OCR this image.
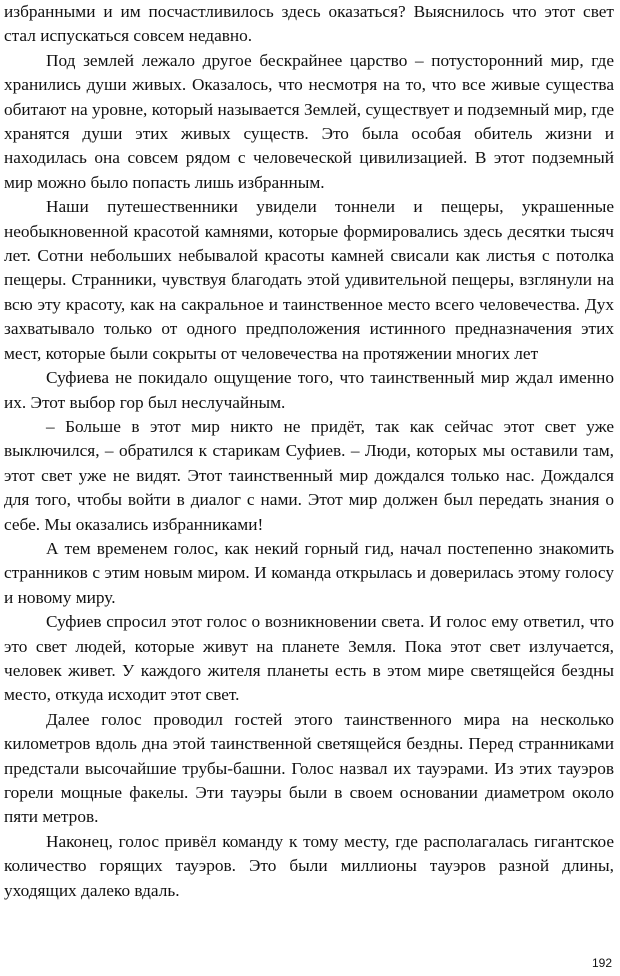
избранными и им посчастливилось здесь оказаться? Выяснилось что этот свет стал испускаться совсем недавно.

Под землей лежало другое бескрайнее царство – потусторонний мир, где хранились души живых. Оказалось, что несмотря на то, что все живые существа обитают на уровне, который называется Землей, существует и подземный мир, где хранятся души этих живых существ. Это была особая обитель жизни и находилась она совсем рядом с человеческой цивилизацией. В этот подземный мир можно было попасть лишь избранным.

Наши путешественники увидели тоннели и пещеры, украшенные необыкновенной красотой камнями, которые формировались здесь десятки тысяч лет. Сотни небольших небывалой красоты камней свисали как листья с потолка пещеры. Странники, чувствуя благодать этой удивительной пещеры, взглянули на всю эту красоту, как на сакральное и таинственное место всего человечества. Дух захватывало только от одного предположения истинного предназначения этих мест, которые были сокрыты от человечества на протяжении многих лет

Суфиева не покидало ощущение того, что таинственный мир ждал именно их. Этот выбор гор был неслучайным.

– Больше в этот мир никто не придёт, так как сейчас этот свет уже выключился, – обратился к старикам Суфиев. – Люди, которых мы оставили там, этот свет уже не видят. Этот таинственный мир дождался только нас. Дождался для того, чтобы войти в диалог с нами. Этот мир должен был передать знания о себе. Мы оказались избранниками!

А тем временем голос, как некий горный гид, начал постепенно знакомить странников с этим новым миром. И команда открылась и доверилась этому голосу и новому миру.

Суфиев спросил этот голос о возникновении света. И голос ему ответил, что это свет людей, которые живут на планете Земля. Пока этот свет излучается, человек живет. У каждого жителя планеты есть в этом мире светящейся бездны место, откуда исходит этот свет.

Далее голос проводил гостей этого таинственного мира на несколько километров вдоль дна этой таинственной светящейся бездны. Перед странниками предстали высочайшие трубы-башни. Голос назвал их тауэрами. Из этих тауэров горели мощные факелы. Эти тауэры были в своем основании диаметром около пяти метров.

Наконец, голос привёл команду к тому месту, где располагалась гигантское количество горящих тауэров. Это были миллионы тауэров разной длины, уходящих далеко вдаль.

192
